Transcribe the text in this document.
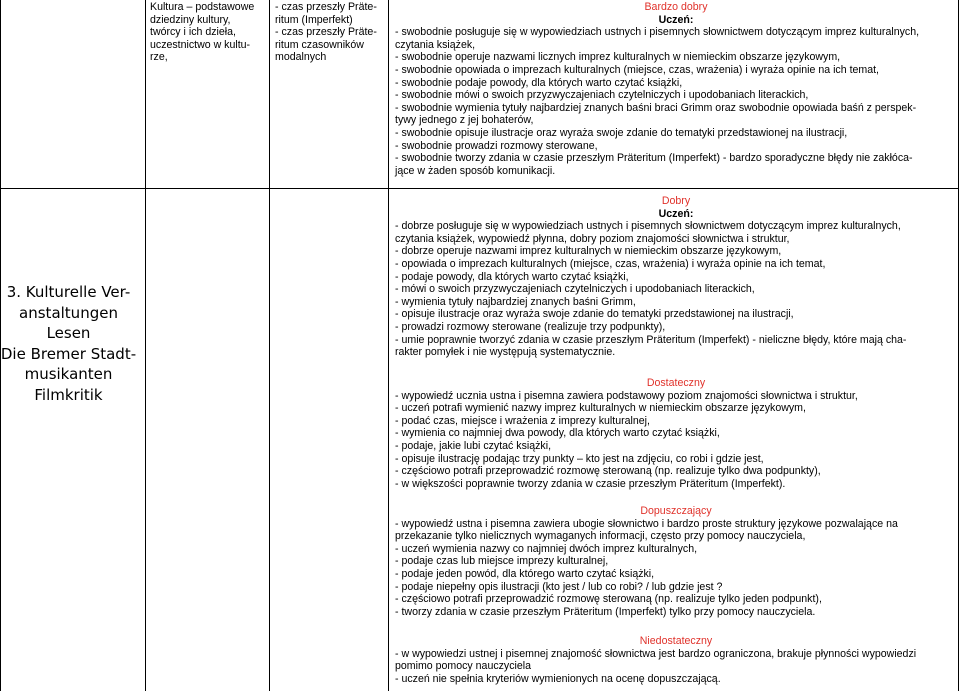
Kultura – podstawowe
dziedziny kultury,
twórcy i ich dzieła,
uczestnictwo w kultu-
rze,
- czas przeszły Präte-
ritum (Imperfekt)
- czas przeszły Präte-
ritum czasowników
modalnych
3. Kulturelle Ver-
anstaltungen
Lesen
Die Bremer Stadt-
musikanten
Filmkritik
Bardzo dobry
Uczeń:
- swobodnie posługuje się w wypowiedziach ustnych i pisemnych słownictwem dotyczącym imprez kulturalnych,
czytania książek,
- swobodnie operuje nazwami licznych imprez kulturalnych w niemieckim obszarze językowym,
- swobodnie opowiada o imprezach kulturalnych (miejsce, czas, wrażenia) i wyraża opinie na ich temat,
- swobodnie podaje powody, dla których warto czytać książki,
- swobodnie mówi o swoich przyzwyczajeniach czytelniczych i upodobaniach literackich,
- swobodnie wymienia tytuły najbardziej znanych baśni braci Grimm oraz swobodnie opowiada baśń z perspek-
tywy jednego z jej bohaterów,
- swobodnie opisuje ilustracje oraz wyraża swoje zdanie do tematyki przedstawionej na ilustracji,
- swobodnie prowadzi rozmowy sterowane,
- swobodnie tworzy zdania w czasie przeszłym Präteritum (Imperfekt) - bardzo sporadyczne błędy nie zakłóca-
jące w żaden sposób komunikacji.
Dobry
Uczeń:
- dobrze posługuje się w wypowiedziach ustnych i pisemnych słownictwem dotyczącym imprez kulturalnych,
czytania książek, wypowiedź płynna, dobry poziom znajomości słownictwa i struktur,
- dobrze operuje nazwami imprez kulturalnych w niemieckim obszarze językowym,
- opowiada o imprezach kulturalnych (miejsce, czas, wrażenia) i wyraża opinie na ich temat,
- podaje powody, dla których warto czytać książki,
- mówi o swoich przyzwyczajeniach czytelniczych i upodobaniach literackich,
- wymienia tytuły najbardziej znanych baśni Grimm,
- opisuje ilustracje oraz wyraża swoje zdanie do tematyki przedstawionej na ilustracji,
- prowadzi rozmowy sterowane (realizuje trzy podpunkty),
- umie poprawnie tworzyć zdania w czasie przeszłym Präteritum (Imperfekt) - nieliczne błędy, które mają cha-
rakter pomyłek i nie występują systematycznie.
Dostateczny
- wypowiedź ucznia ustna i pisemna zawiera podstawowy poziom znajomości słownictwa i struktur,
- uczeń potrafi wymienić nazwy imprez kulturalnych w niemieckim obszarze językowym,
- podać czas, miejsce i wrażenia z imprezy kulturalnej,
- wymienia co najmniej dwa powody, dla których warto czytać książki,
- podaje, jakie lubi czytać książki,
- opisuje ilustrację podając trzy punkty – kto jest na zdjęciu, co robi i gdzie jest,
- częściowo potrafi przeprowadzić rozmowę sterowaną (np. realizuje tylko dwa podpunkty),
- w większości poprawnie tworzy zdania w czasie przeszłym Präteritum (Imperfekt).
Dopuszczający
- wypowiedź ustna i pisemna zawiera ubogie słownictwo i bardzo proste struktury językowe pozwalające na
przekazanie tylko nielicznych wymaganych informacji, często przy pomocy nauczyciela,
- uczeń wymienia nazwy co najmniej dwóch imprez kulturalnych,
- podaje czas lub miejsce imprezy kulturalnej,
- podaje jeden powód, dla którego warto czytać książki,
- podaje niepełny opis ilustracji (kto jest / lub co robi? / lub gdzie jest ?
- częściowo potrafi przeprowadzić rozmowę sterowaną (np. realizuje tylko jeden podpunkt),
- tworzy zdania w czasie przeszłym Präteritum (Imperfekt) tylko przy pomocy nauczyciela.
Niedostateczny
- w wypowiedzi ustnej i pisemnej znajomość słownictwa jest bardzo ograniczona, brakuje płynności wypowiedzi
pomimo pomocy nauczyciela
- uczeń nie spełnia kryteriów wymienionych na ocenę dopuszczającą.
